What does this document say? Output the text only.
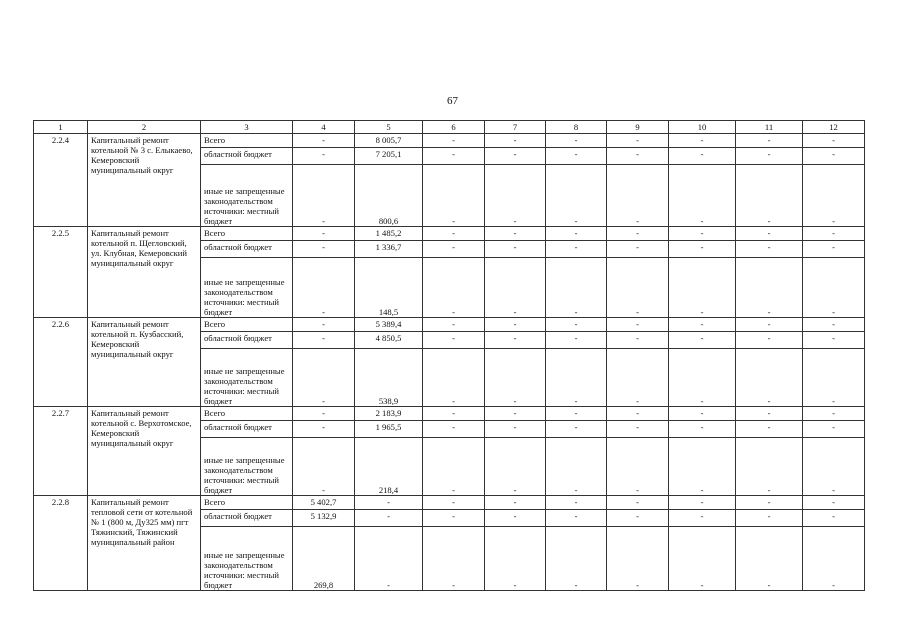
67
1	2	3	4	5	6	7	8	9	10	11	12
2.2.4	Капитальный ремонт котельной № 3 с. Елыкаево, Кемеровский муниципальный округ	Всего	-	8 005,7	-	-	-	-	-	-	-
		областной бюджет	-	7 205,1	-	-	-	-	-	-	-
		иные не запрещенные законодательством источники: местный бюджет	-	800,6	-	-	-	-	-	-	-
2.2.5	Капитальный ремонт котельной п. Щегловский, ул. Клубная, Кемеровский муниципальный округ	Всего	-	1 485,2	-	-	-	-	-	-	-
		областной бюджет	-	1 336,7	-	-	-	-	-	-	-
		иные не запрещенные законодательством источники: местный бюджет	-	148,5	-	-	-	-	-	-	-
2.2.6	Капитальный ремонт котельной п. Кузбасский, Кемеровский муниципальный округ	Всего	-	5 389,4	-	-	-	-	-	-	-
		областной бюджет	-	4 850,5	-	-	-	-	-	-	-
		иные не запрещенные законодательством источники: местный бюджет	-	538,9	-	-	-	-	-	-	-
2.2.7	Капитальный ремонт котельной с. Верхотомское, Кемеровский муниципальный округ	Всего	-	2 183,9	-	-	-	-	-	-	-
		областной бюджет	-	1 965,5	-	-	-	-	-	-	-
		иные не запрещенные законодательством источники: местный бюджет	-	218,4	-	-	-	-	-	-	-
2.2.8	Капитальный ремонт тепловой сети от котельной № 1 (800 м, Ду325 мм) пгт Тяжинский, Тяжинский муниципальный район	Всего	5 402,7	-	-	-	-	-	-	-	-
		областной бюджет	5 132,9	-	-	-	-	-	-	-	-
		иные не запрещенные законодательством источники: местный бюджет	269,8	-	-	-	-	-	-	-	-
